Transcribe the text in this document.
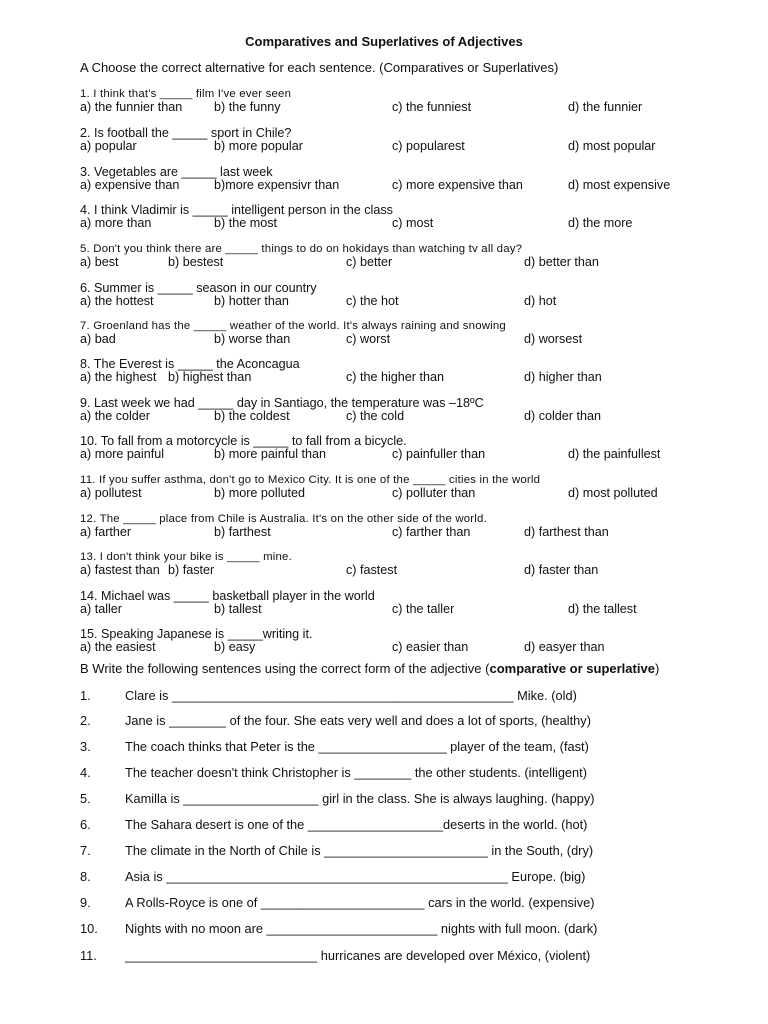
Comparatives and Superlatives of Adjectives
A Choose the correct alternative for each sentence. (Comparatives or Superlatives)
1. I think that's _____ film I've ever seen
a) the funnier than	b) the funny	c) the funniest	d) the funnier
2. Is football the _____ sport in Chile?
a) popular	b) more popular	c) popularest	d) most popular
3. Vegetables are _____ last week
a) expensive than	b)more expensivr than	c) more expensive than	d) most expensive
4. I think Vladimir is _____ intelligent person in the class
a) more than	b) the most	c) most	d) the more
5. Don't you think there are _____ things to do on hokidays than watching tv all day?
a) best	b) bestest	c) better	d) better than
6. Summer is _____ season in our country
a) the hottest	b) hotter than	c) the hot	d) hot
7. Groenland has the _____ weather of the world. It's always raining and snowing
a) bad	b) worse than	c) worst	d) worsest
8. The Everest is _____ the Aconcagua
a) the highest b) highest than	c) the higher than	d) higher than
9. Last week we had _____ day in Santiago, the temperature was –18ºC
a) the colder	b) the coldest	c) the cold	d) colder than
10. To fall from a motorcycle is _____ to fall from a bicycle.
a) more painful	b) more painful than	c) painfuller than	d) the painfullest
11. If you suffer asthma, don't go to Mexico City. It is one of the _____ cities in the world
a) pollutest	b) more polluted	c) polluter than	d) most polluted
12. The _____ place from Chile is Australia. It's on the other side of the world.
a) farther	b) farthest	c) farther than	d) farthest than
13. I don't think your bike is _____ mine.
a) fastest than b) faster	c) fastest	d) faster than
14. Michael was _____ basketball player in the world
a) taller	b) tallest	c) the taller	d) the tallest
15. Speaking Japanese is _____writing it.
a) the easiest	b) easy	c) easier than	d) easyer than
B Write the following sentences using the correct form of the adjective (comparative or superlative)
1.	Clare is ________________________________________________ Mike. (old)
2.	Jane is ________ of the four. She eats very well and does a lot of sports, (healthy)
3.	The coach thinks that Peter is the __________________ player of the team, (fast)
4.	The teacher doesn't think Christopher is ________ the other students. (intelligent)
5.	Kamilla is ___________________ girl in the class. She is always laughing. (happy)
6.	The Sahara desert is one of the ___________________deserts in the world. (hot)
7.	The climate in the North of Chile is _______________________ in the South, (dry)
8.	Asia is ________________________________________________ Europe. (big)
9.	A Rolls-Royce is one of _______________________ cars in the world. (expensive)
10. Nights with no moon are ________________________ nights with full moon. (dark)
11. ___________________________ hurricanes are developed over México, (violent)
